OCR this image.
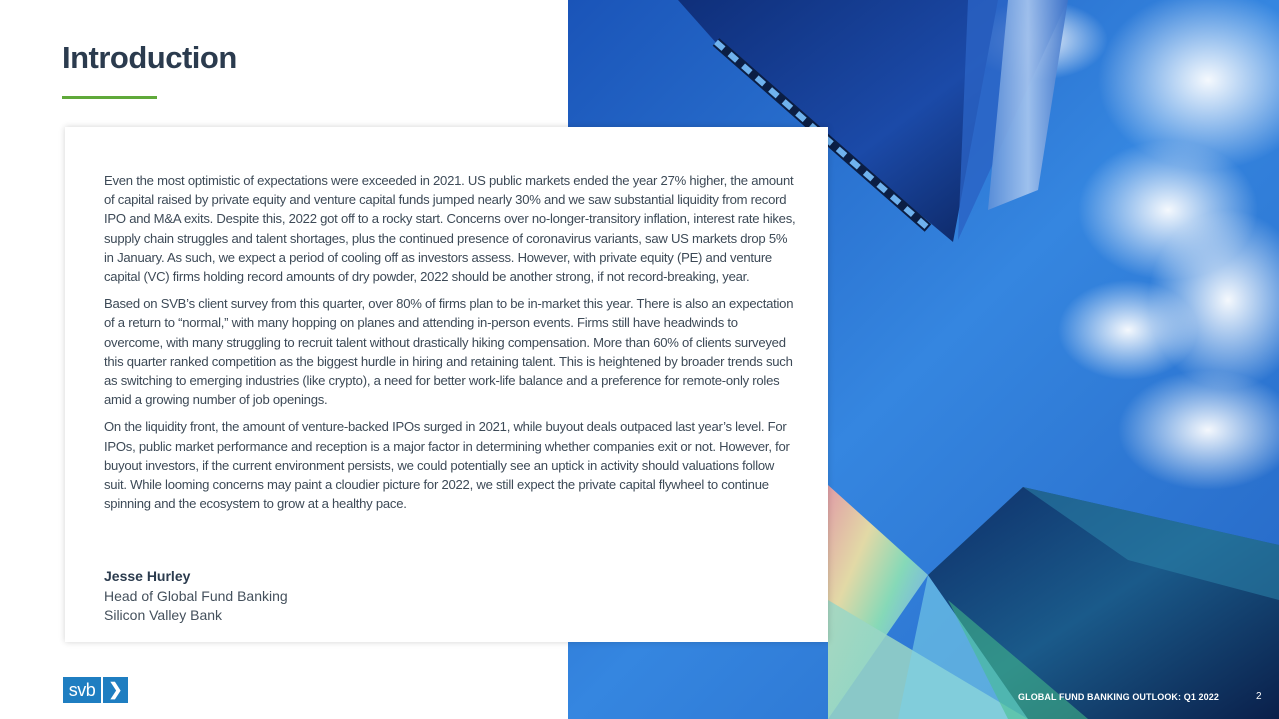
Introduction

Even the most optimistic of expectations were exceeded in 2021. US public markets ended the year 27% higher, the amount of capital raised by private equity and venture capital funds jumped nearly 30% and we saw substantial liquidity from record IPO and M&A exits. Despite this, 2022 got off to a rocky start. Concerns over no-longer-transitory inflation, interest rate hikes, supply chain struggles and talent shortages, plus the continued presence of coronavirus variants, saw US markets drop 5% in January. As such, we expect a period of cooling off as investors assess. However, with private equity (PE) and venture capital (VC) firms holding record amounts of dry powder, 2022 should be another strong, if not record-breaking, year.

Based on SVB’s client survey from this quarter, over 80% of firms plan to be in-market this year. There is also an expectation of a return to “normal,” with many hopping on planes and attending in-person events. Firms still have headwinds to overcome, with many struggling to recruit talent without drastically hiking compensation. More than 60% of clients surveyed this quarter ranked competition as the biggest hurdle in hiring and retaining talent. This is heightened by broader trends such as switching to emerging industries (like crypto), a need for better work-life balance and a preference for remote-only roles amid a growing number of job openings.

On the liquidity front, the amount of venture-backed IPOs surged in 2021, while buyout deals outpaced last year’s level. For IPOs, public market performance and reception is a major factor in determining whether companies exit or not. However, for buyout investors, if the current environment persists, we could potentially see an uptick in activity should valuations follow suit. While looming concerns may paint a cloudier picture for 2022, we still expect the private capital flywheel to continue spinning and the ecosystem to grow at a healthy pace.

Jesse Hurley
Head of Global Fund Banking
Silicon Valley Bank
svb ❯	GLOBAL FUND BANKING OUTLOOK: Q1 2022	2
